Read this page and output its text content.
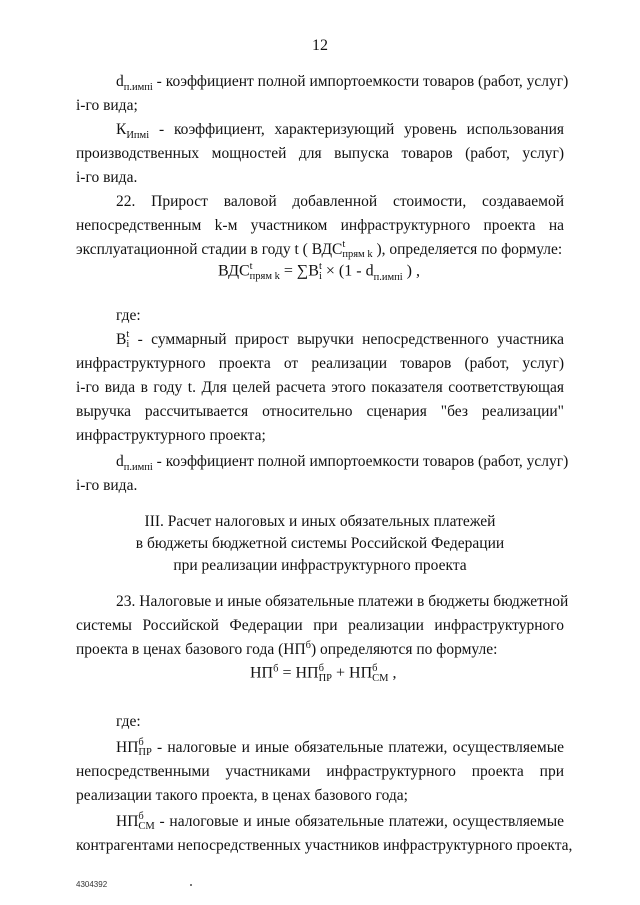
12
$d_{п.импi}$ - коэффициент полной импортоемкости товаров (работ, услуг)
i-го вида;
$К_{Ипмi}$ - коэффициент, характеризующий уровень использования
производственных мощностей для выпуска товаров (работ, услуг)
i-го вида.
22. Прирост валовой добавленной стоимости, создаваемой
непосредственным k-м участником инфраструктурного проекта на
эксплуатационной стадии в году t ( ВДС t
прям k ), определяется по формуле:
ВДС t
прям k = ∑В t
$i \times (1 - d_{п.импi}$ ) ,
где:
В t
i - суммарный прирост выручки непосредственного участника
инфраструктурного проекта от реализации товаров (работ, услуг)
i-го вида в году t. Для целей расчета этого показателя соответствующая
выручка рассчитывается относительно сценария "без реализации"
инфраструктурного проекта;
$d_{п.импi}$ - коэффициент полной импортоемкости товаров (работ, услуг)
i-го вида.
III. Расчет налоговых и иных обязательных платежей
в бюджеты бюджетной системы Российской Федерации
при реализации инфраструктурного проекта
23. Налоговые и иные обязательные платежи в бюджеты бюджетной
системы Российской Федерации при реализации инфраструктурного
проекта в ценах базового года $(НП^б)$ определяются по формуле:
$НП^б$ = НП б
ПР + НП б
СМ ,
где:
НП б
ПР - налоговые и иные обязательные платежи, осуществляемые
непосредственными участниками инфраструктурного проекта при
реализации такого проекта, в ценах базового года;
НП б
СМ - налоговые и иные обязательные платежи, осуществляемые
контрагентами непосредственных участников инфраструктурного проекта,
4304392
